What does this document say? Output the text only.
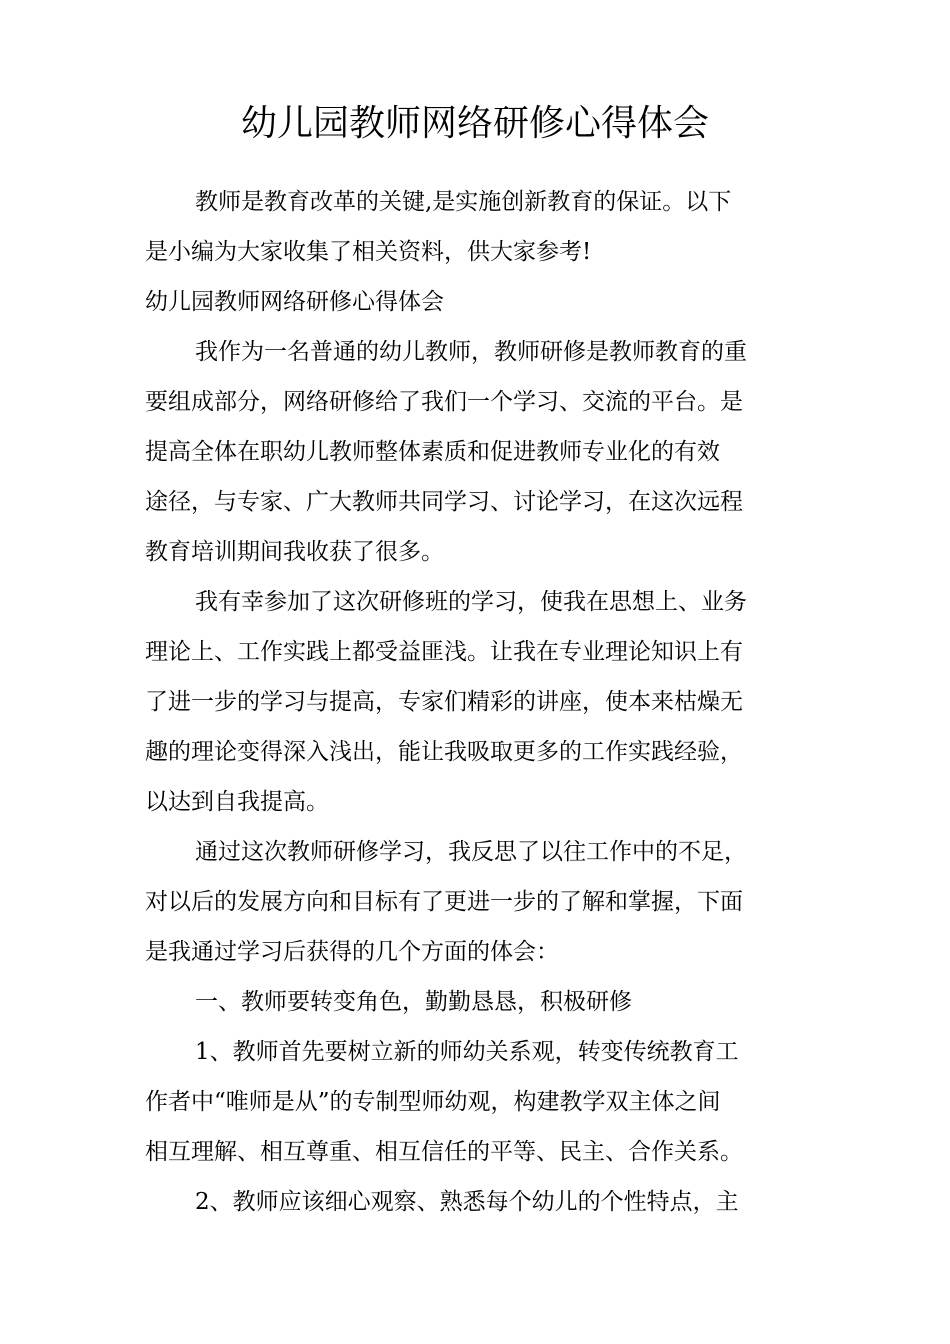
幼儿园教师网络研修心得体会
教师是教育改革的关键,是实施创新教育的保证。以下
是小编为大家收集了相关资料，供大家参考!
幼儿园教师网络研修心得体会
我作为一名普通的幼儿教师，教师研修是教师教育的重
要组成部分，网络研修给了我们一个学习、交流的平台。是
提高全体在职幼儿教师整体素质和促进教师专业化的有效
途径，与专家、广大教师共同学习、讨论学习，在这次远程
教育培训期间我收获了很多。
我有幸参加了这次研修班的学习，使我在思想上、业务
理论上、工作实践上都受益匪浅。让我在专业理论知识上有
了进一步的学习与提高，专家们精彩的讲座，使本来枯燥无
趣的理论变得深入浅出，能让我吸取更多的工作实践经验，
以达到自我提高。
通过这次教师研修学习，我反思了以往工作中的不足，
对以后的发展方向和目标有了更进一步的了解和掌握，下面
是我通过学习后获得的几个方面的体会：
一、教师要转变角色，勤勤恳恳，积极研修
1、教师首先要树立新的师幼关系观，转变传统教育工
作者中“唯师是从”的专制型师幼观，构建教学双主体之间
相互理解、相互尊重、相互信任的平等、民主、合作关系。
2、教师应该细心观察、熟悉每个幼儿的个性特点，主
